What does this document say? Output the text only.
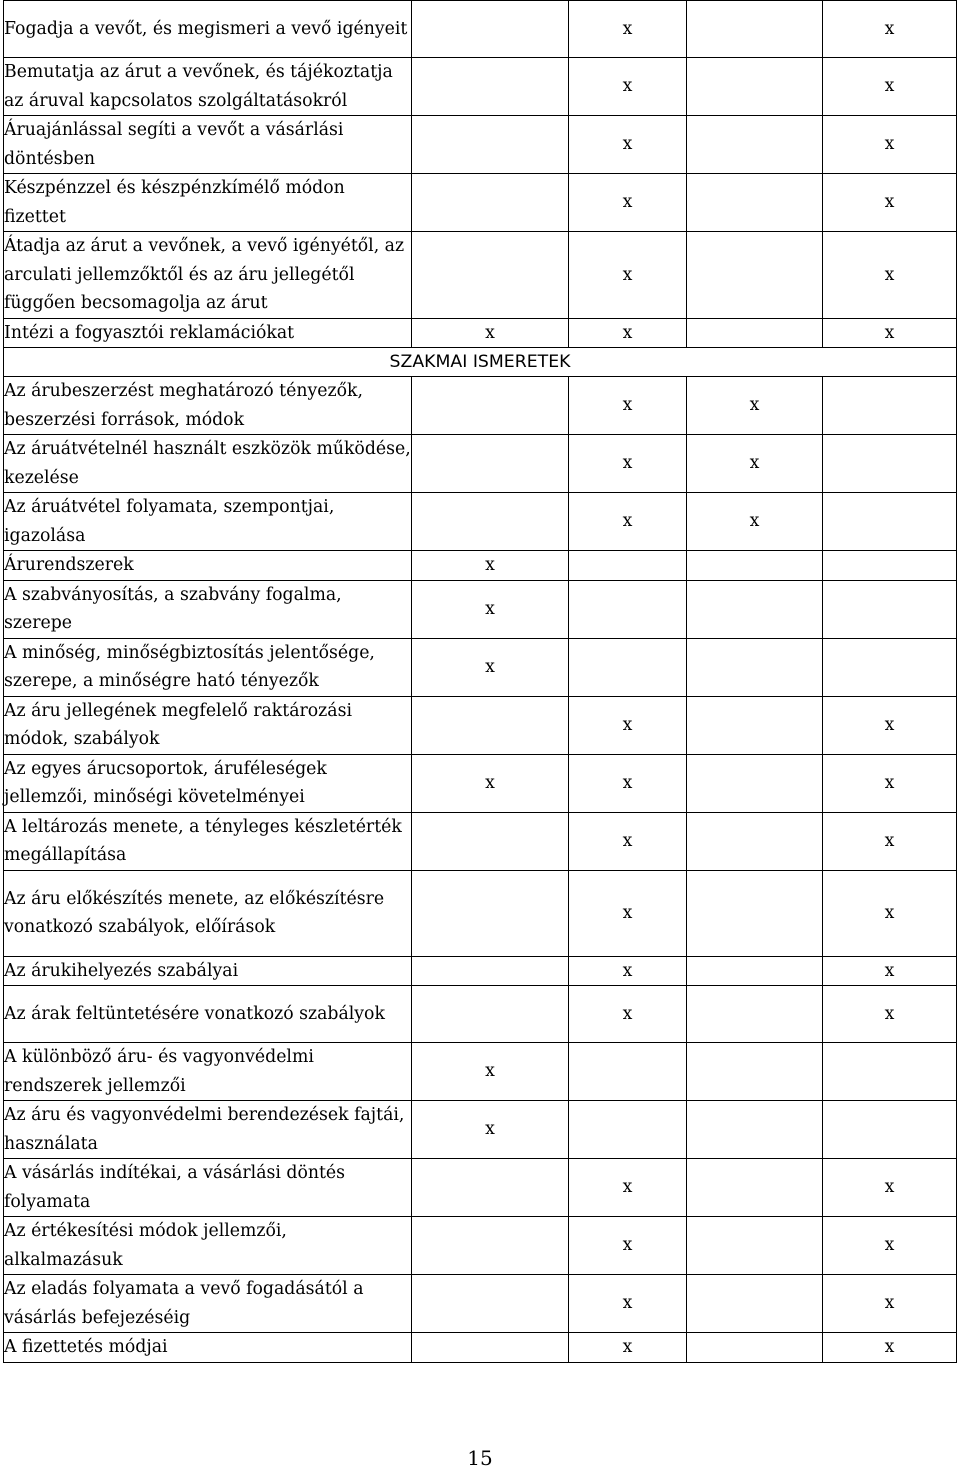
Fogadja a vevőt, és megismeri a vevő igényeit		x		x
Bemutatja az árut a vevőnek, és tájékoztatja az áruval kapcsolatos szolgáltatásokról		x		x
Áruajánlással segíti a vevőt a vásárlási döntésben		x		x
Készpénzzel és készpénzkímélő módon fizettet		x		x
Átadja az árut a vevőnek, a vevő igényétől, az arculati jellemzőktől és az áru jellegétől függően becsomagolja az árut		x		x
Intézi a fogyasztói reklamációkat	x	x		x
SZAKMAI ISMERETEK				
Az árubeszerzést meghatározó tényezők, beszerzési források, módok		x	x	
Az áruátvételnél használt eszközök működése, kezelése		x	x	
Az áruátvétel folyamata, szempontjai, igazolása		x	x	
Árurendszerek	x			
A szabványosítás, a szabvány fogalma, szerepe	x			
A minőség, minőségbiztosítás jelentősége, szerepe, a minőségre ható tényezők	x			
Az áru jellegének megfelelő raktározási módok, szabályok		x		x
Az egyes árucsoportok, áruféleségek jellemzői, minőségi követelményei	x	x		x
A leltározás menete, a tényleges készletérték megállapítása		x		x
Az áru előkészítés menete, az előkészítésre vonatkozó szabályok, előírások		x		x
Az árukihelyezés szabályai		x		x
Az árak feltüntetésére vonatkozó szabályok		x		x
A különböző áru- és vagyonvédelmi rendszerek jellemzői	x			
Az áru és vagyonvédelmi berendezések fajtái, használata	x			
A vásárlás indítékai, a vásárlási döntés folyamata		x		x
Az értékesítési módok jellemzői, alkalmazásuk		x		x
Az eladás folyamata a vevő fogadásától a vásárlás befejezéséig		x		x
A fizettetés módjai		x		x
15
